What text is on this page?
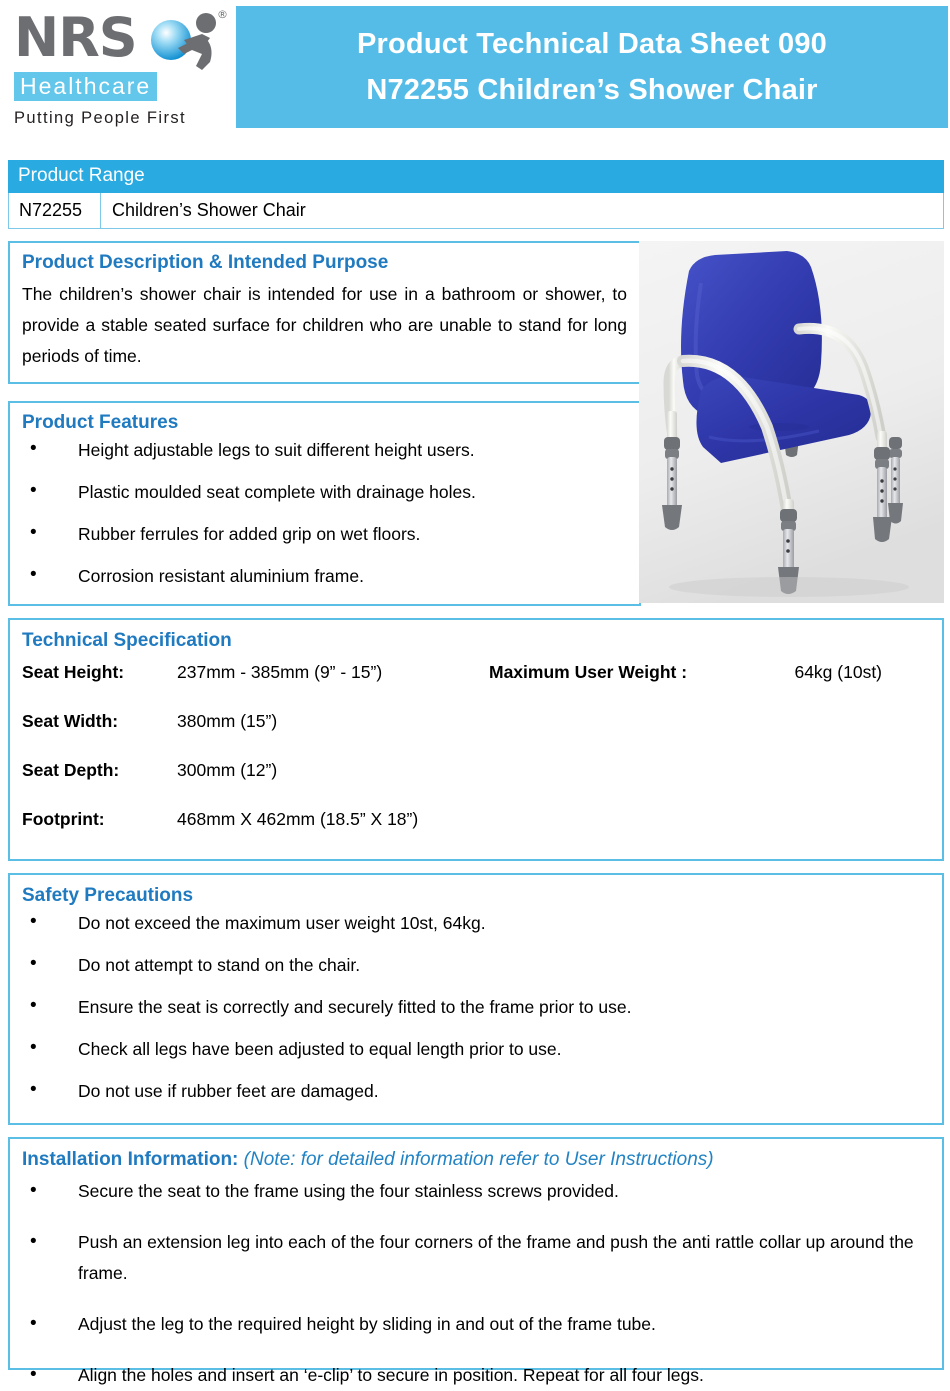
NRS	®
Healthcare
Putting People First
Product Technical Data Sheet 090
N72255 Children’s Shower Chair
Product Range
N72255	Children’s Shower Chair
Product Description & Intended Purpose

The children’s shower chair is intended for use in a bathroom or shower, to provide a stable seated surface for children who are unable to stand for long periods of time.

Product Features
• Height adjustable legs to suit different height users.
• Plastic moulded seat complete with drainage holes.
• Rubber ferrules for added grip on wet floors.
• Corrosion resistant aluminium frame.
Technical Specification
Seat Height:	237mm - 385mm (9” - 15”)	Maximum User Weight :	64kg (10st)
Seat Width:	380mm (15”)		
Seat Depth:	300mm (12”)		
Footprint:	468mm X 462mm (18.5” X 18”)		
Safety Precautions
• Do not exceed the maximum user weight 10st, 64kg.
• Do not attempt to stand on the chair.
• Ensure the seat is correctly and securely fitted to the frame prior to use.
• Check all legs have been adjusted to equal length prior to use.
• Do not use if rubber feet are damaged.
Installation Information: (Note: for detailed information refer to User Instructions)
• Secure the seat to the frame using the four stainless screws provided.
• Push an extension leg into each of the four corners of the frame and push the anti rattle collar up around the frame.
• Adjust the leg to the required height by sliding in and out of the frame tube.
• Align the holes and insert an ‘e-clip’ to secure in position. Repeat for all four legs.
